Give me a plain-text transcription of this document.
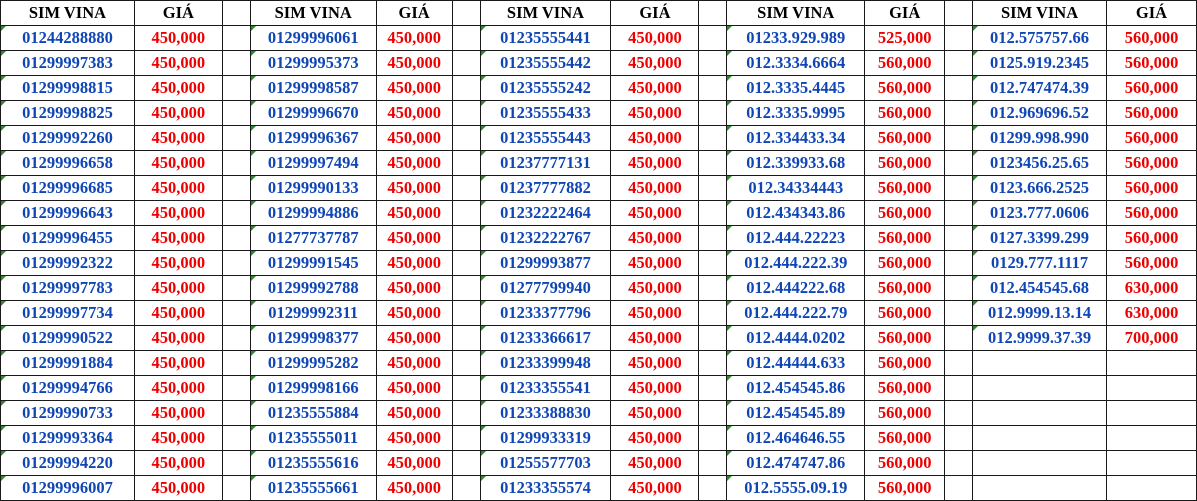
SIM VINA	GIÁ		SIM VINA	GIÁ		SIM VINA	GIÁ		SIM VINA	GIÁ		SIM VINA	GIÁ
01244288880	450,000		01299996061	450,000		01235555441	450,000		01233.929.989	525,000		012.575757.66	560,000
01299997383	450,000		01299995373	450,000		01235555442	450,000		012.3334.6664	560,000		0125.919.2345	560,000
01299998815	450,000		01299998587	450,000		01235555242	450,000		012.3335.4445	560,000		012.747474.39	560,000
01299998825	450,000		01299996670	450,000		01235555433	450,000		012.3335.9995	560,000		012.969696.52	560,000
01299992260	450,000		01299996367	450,000		01235555443	450,000		012.334433.34	560,000		01299.998.990	560,000
01299996658	450,000		01299997494	450,000		01237777131	450,000		012.339933.68	560,000		0123456.25.65	560,000
01299996685	450,000		01299990133	450,000		01237777882	450,000		012.34334443	560,000		0123.666.2525	560,000
01299996643	450,000		01299994886	450,000		01232222464	450,000		012.434343.86	560,000		0123.777.0606	560,000
01299996455	450,000		01277737787	450,000		01232222767	450,000		012.444.22223	560,000		0127.3399.299	560,000
01299992322	450,000		01299991545	450,000		01299993877	450,000		012.444.222.39	560,000		0129.777.1117	560,000
01299997783	450,000		01299992788	450,000		01277799940	450,000		012.444222.68	560,000		012.454545.68	630,000
01299997734	450,000		01299992311	450,000		01233377796	450,000		012.444.222.79	560,000		012.9999.13.14	630,000
01299990522	450,000		01299998377	450,000		01233366617	450,000		012.4444.0202	560,000		012.9999.37.39	700,000
01299991884	450,000		01299995282	450,000		01233399948	450,000		012.44444.633	560,000			
01299994766	450,000		01299998166	450,000		01233355541	450,000		012.454545.86	560,000			
01299990733	450,000		01235555884	450,000		01233388830	450,000		012.454545.89	560,000			
01299993364	450,000		01235555011	450,000		01299933319	450,000		012.464646.55	560,000			
01299994220	450,000		01235555616	450,000		01255577703	450,000		012.474747.86	560,000			
01299996007	450,000		01235555661	450,000		01233355574	450,000		012.5555.09.19	560,000			
